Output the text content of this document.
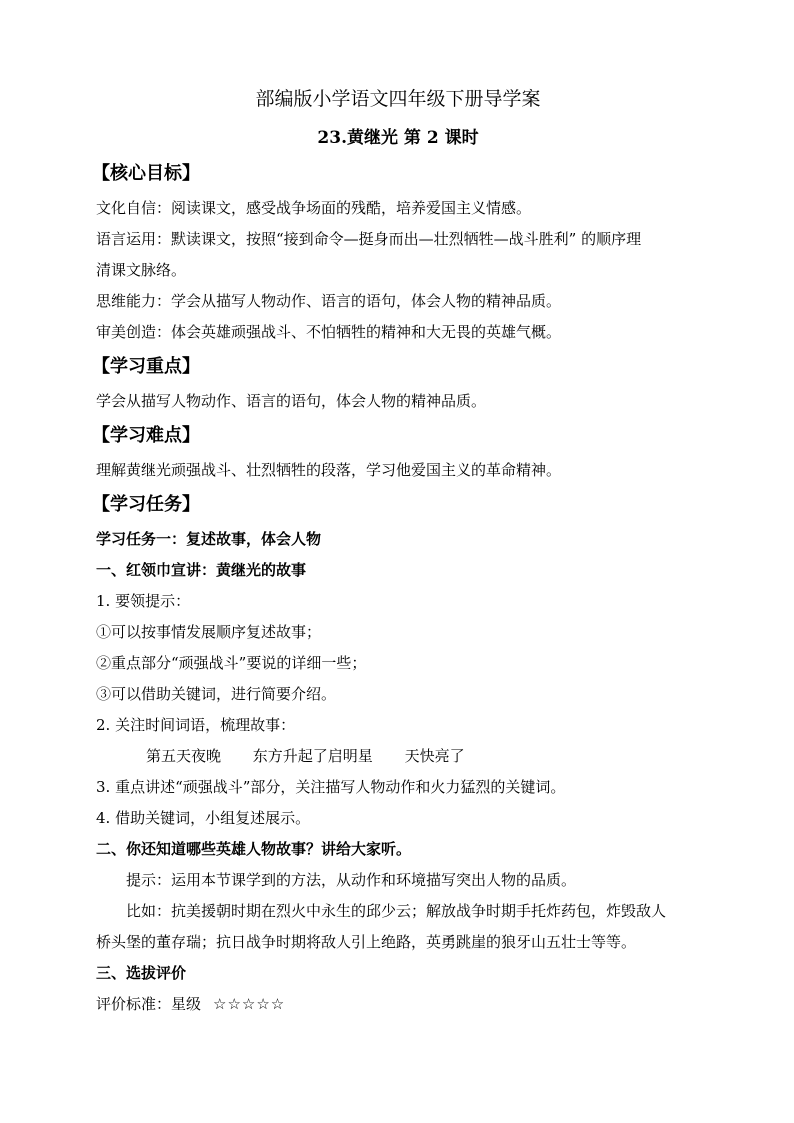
部编版小学语文四年级下册导学案

23.黄继光 第 2 课时

【核心目标】

文化自信：阅读课文，感受战争场面的残酷，培养爱国主义情感。

语言运用：默读课文，按照“接到命令—挺身而出—壮烈牺牲—战斗胜利” 的顺序理

清课文脉络。

思维能力：学会从描写人物动作、语言的语句，体会人物的精神品质。

审美创造：体会英雄顽强战斗、不怕牺牲的精神和大无畏的英雄气概。

【学习重点】

学会从描写人物动作、语言的语句，体会人物的精神品质。

【学习难点】

理解黄继光顽强战斗、壮烈牺牲的段落，学习他爱国主义的革命精神。

【学习任务】

学习任务一：复述故事，体会人物

一、红领巾宣讲：黄继光的故事

1. 要领提示：

①可以按事情发展顺序复述故事；

②重点部分“顽强战斗”要说的详细一些；

③可以借助关键词，进行简要介绍。

2. 关注时间词语，梳理故事：

第五天夜晚 东方升起了启明星 天快亮了

3. 重点讲述“顽强战斗”部分，关注描写人物动作和火力猛烈的关键词。

4. 借助关键词，小组复述展示。

二、你还知道哪些英雄人物故事？讲给大家听。

提示：运用本节课学到的方法，从动作和环境描写突出人物的品质。

比如：抗美援朝时期在烈火中永生的邱少云；解放战争时期手托炸药包，炸毁敌人

桥头堡的董存瑞；抗日战争时期将敌人引上绝路，英勇跳崖的狼牙山五壮士等等。

三、选拔评价

评价标准：星级 ☆☆☆☆☆
